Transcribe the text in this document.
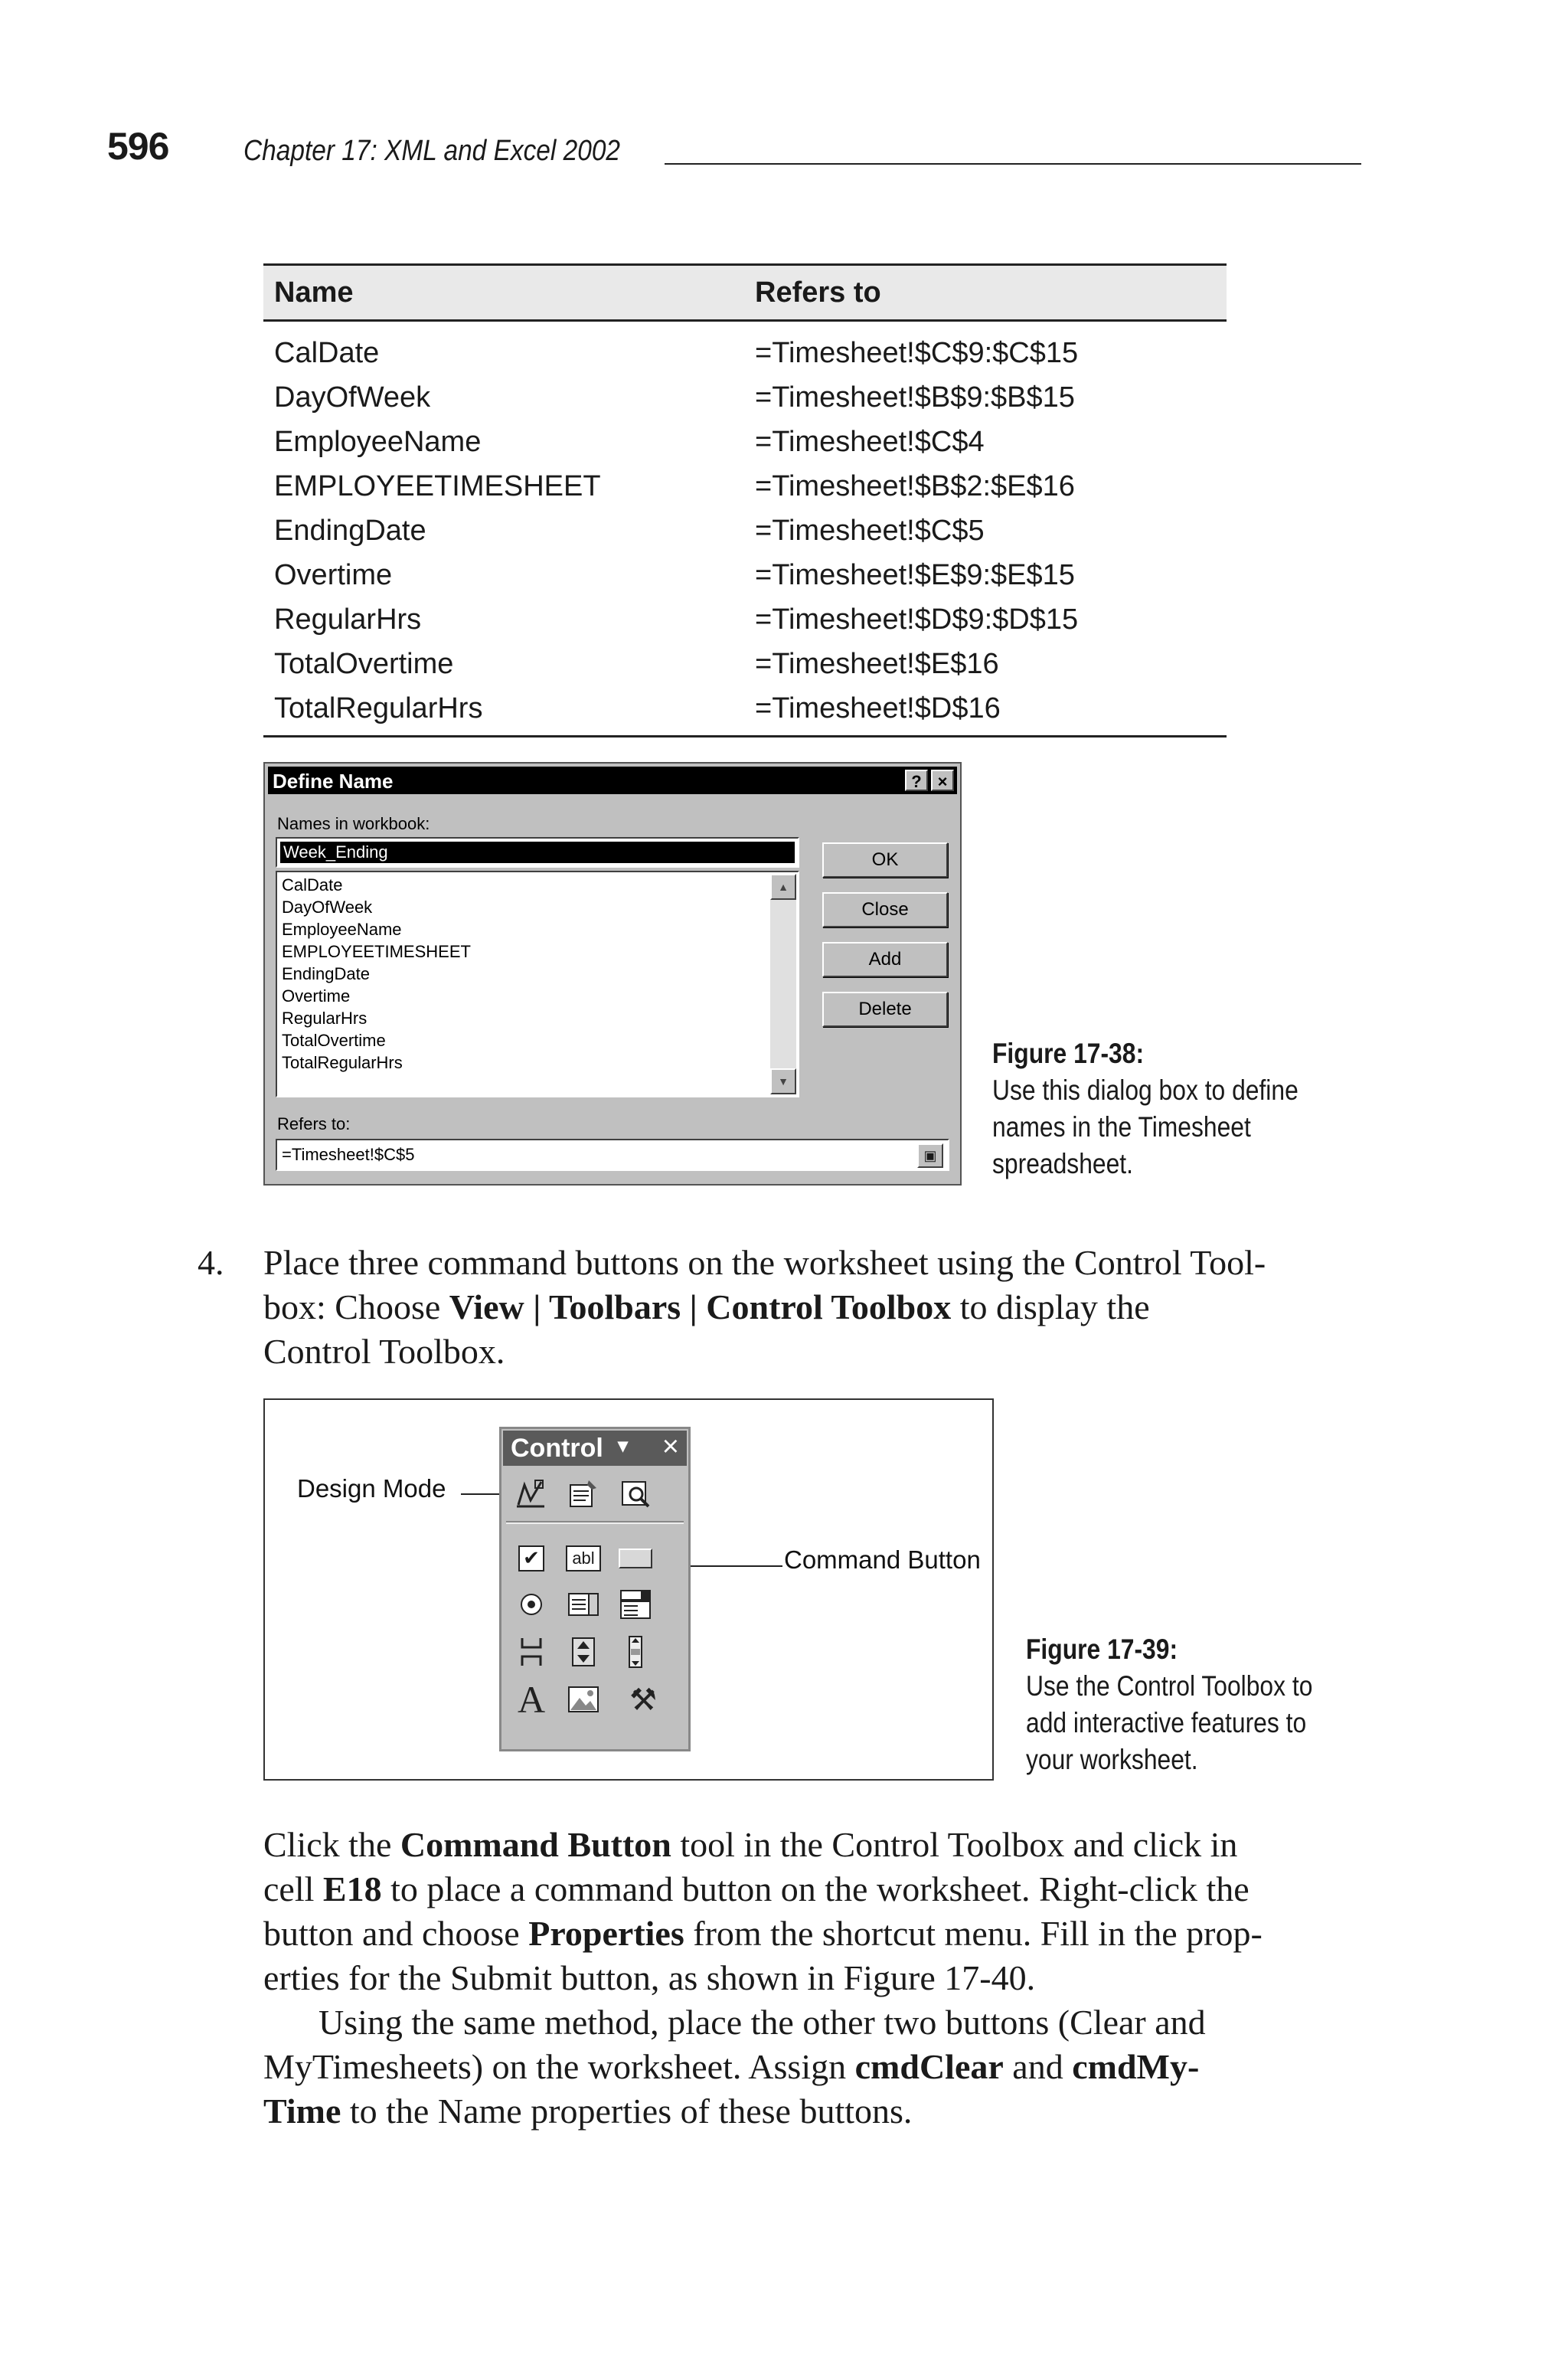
596	Chapter 17: XML and Excel 2002
Name	Refers to
CalDate	=Timesheet!$C$9:$C$15
DayOfWeek	=Timesheet!$B$9:$B$15
EmployeeName	=Timesheet!$C$4
EMPLOYEETIMESHEET	=Timesheet!$B$2:$E$16
EndingDate	=Timesheet!$C$5
Overtime	=Timesheet!$E$9:$E$15
RegularHrs	=Timesheet!$D$9:$D$15
TotalOvertime	=Timesheet!$E$16
TotalRegularHrs	=Timesheet!$D$16
Define Name	? ×
Names in workbook:
Week_Ending
CalDate
DayOfWeek
EmployeeName
EMPLOYEETIMESHEET
EndingDate
Overtime
RegularHrs
TotalOvertime
TotalRegularHrs
▲
▼
OK
Close
Add
Delete
Refers to:
=Timesheet!$C$5	▣
Figure 17-38:
Use this dialog box to define
names in the Timesheet
spreadsheet.
4. Place three command buttons on the worksheet using the Control Tool-
box: Choose View | Toolbars | Control Toolbox to display the
Control Toolbox.
Design Mode
Command Button
Control ▾ ×
✔	abl
A	⚒
Figure 17-39:
Use the Control Toolbox to
add interactive features to
your worksheet.
Click the Command Button tool in the Control Toolbox and click in
cell E18 to place a command button on the worksheet. Right-click the
button and choose Properties from the shortcut menu. Fill in the prop-
erties for the Submit button, as shown in Figure 17-40.
Using the same method, place the other two buttons (Clear and
MyTimesheets) on the worksheet. Assign cmdClear and cmdMy-
Time to the Name properties of these buttons.
